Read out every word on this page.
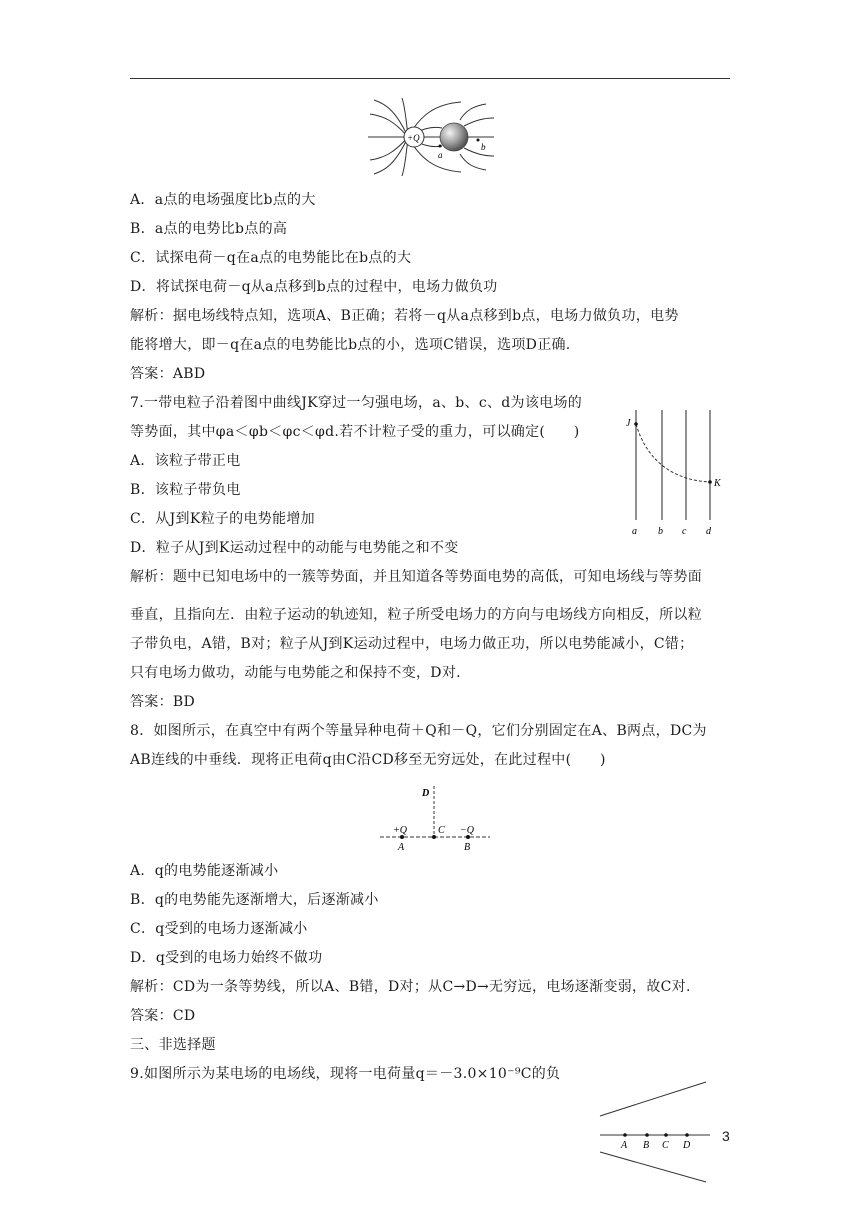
+Q
a
b
A．a点的电场强度比b点的大
B．a点的电势比b点的高
C．试探电荷－q在a点的电势能比在b点的大
D．将试探电荷－q从a点移到b点的过程中，电场力做负功
解析：据电场线特点知，选项A、B正确；若将－q从a点移到b点，电场力做负功，电势
能将增大，即－q在a点的电势能比b点的小，选项C错误，选项D正确.
答案：ABD
7.一带电粒子沿着图中曲线JK穿过一匀强电场，a、b、c、d为该电场的
等势面，其中φa＜φb＜φc＜φd.若不计粒子受的重力，可以确定(　　)
A．该粒子带正电
B．该粒子带负电
C．从J到K粒子的电势能增加
D．粒子从J到K运动过程中的动能与电势能之和不变
J
K
a b c d
解析：题中已知电场中的一簇等势面，并且知道各等势面电势的高低，可知电场线与等势面
垂直，且指向左．由粒子运动的轨迹知，粒子所受电场力的方向与电场线方向相反，所以粒
子带负电，A错，B对；粒子从J到K运动过程中，电场力做正功，所以电势能减小，C错；
只有电场力做功，动能与电势能之和保持不变，D对.
答案：BD
8．如图所示，在真空中有两个等量异种电荷＋Q和－Q，它们分别固定在A、B两点，DC为
AB连线的中垂线．现将正电荷q由C沿CD移至无穷远处，在此过程中(　　)
D
+Q	C −Q
A	B
A．q的电势能逐渐减小
B．q的电势能先逐渐增大，后逐渐减小
C．q受到的电场力逐渐减小
D．q受到的电场力始终不做功
解析：CD为一条等势线，所以A、B错，D对；从C→D→无穷远，电场逐渐变弱，故C对.
答案：CD
三、非选择题
9.如图所示为某电场的电场线，现将一电荷量q＝－3.0×10⁻⁹C的负
A B C D
3
